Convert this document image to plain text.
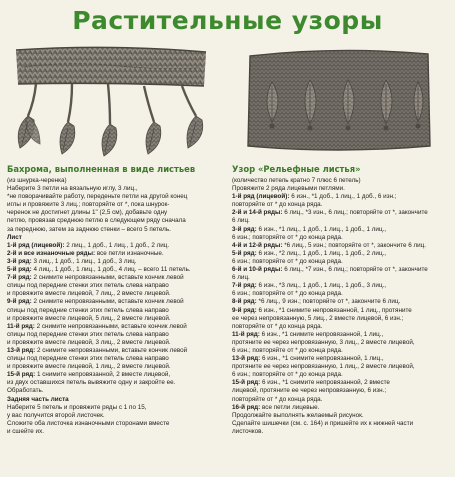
Растительные узоры
Бахрома, выполненная в виде листьев
(из шнурка-черенка)
Наберите 3 петли на вязальную иглу, 3 лиц.,
*не поворачивайте работу, переденьте петли на другой конец
иглы и провяжите 3 лиц.; повторяйте от *, пока шнурок-
черенок не достигнет длины 1" (2,5 см), добавьте одну
петлю, провязав среднюю петлю в следующем ряду сначала
за переднюю, затем за заднюю стенки – всего 5 петель.
Лист
1-й ряд (лицевой): 2 лиц., 1 доб., 1 лиц., 1 доб., 2 лиц.
2-й и все изнаночные ряды: все петли изнаночные.
3-й ряд: 3 лиц., 1 доб., 1 лиц., 1 доб., 3 лиц.
5-й ряд: 4 лиц., 1 доб., 1 лиц., 1 доб., 4 лиц. – всего 11 петель.
7-й ряд: 2 снимите непровязанными, вставьте кончик левой
спицы под передние стенки этих петель слева направо
и провяжите вместе лицевой, 7 лиц., 2 вместе лицевой.
9-й ряд: 2 снимите непровязанными, вставьте кончик левой
спицы под передние стенки этих петель слева направо
и провяжите вместе лицевой, 5 лиц., 2 вместе лицевой.
11-й ряд: 2 снимите непровязанными, вставьте кончик левой
спицы под передние стенки этих петель слева направо
и провяжите вместе лицевой, 3 лиц., 2 вместе лицевой.
13-й ряд: 2 снимите непровязанными, вставьте кончик левой
спицы под передние стенки этих петель слева направо
и провяжите вместе лицевой, 1 лиц., 2 вместе лицевой.
15-й ряд: 1 снимите непровязанной, 2 вместе лицевой,
из двух оставшихся петель вывяжите одну и закройте ее.
Обработать.
Задняя часть листа
Наберите 5 петель и провяжите ряды с 1 по 15,
у вас получится второй листочек.
Сложите оба листочка изнаночными сторонами вместе
и сшейте их.
Узор «Рельефные листья»
(количество петель кратно 7 плюс 6 петель)
Провяжите 2 ряда лицевыми петлями.
1-й ряд (лицевой): 6 изн., *1 доб., 1 лиц., 1 доб., 6 изн.;
повторяйте от * до конца ряда.
2-й и 14-й ряды: 6 лиц., *3 изн., 6 лиц.; повторяйте от *, закончите
6 лиц.
3-й ряд: 6 изн., *1 лиц., 1 доб., 1 лиц., 1 доб., 1 лиц.,
6 изн.; повторяйте от * до конца ряда.
4-й и 12-й ряды: *6 лиц., 5 изн.; повторяйте от *, закончите 6 лиц.
5-й ряд: 6 изн., *2 лиц., 1 доб., 1 лиц., 1 доб., 2 лиц.,
6 изн.; повторяйте от * до конца ряда.
6-й и 10-й ряды: 6 лиц., *7 изн., 6 лиц.; повторяйте от *, закончите
6 лиц.
7-й ряд: 6 изн., *3 лиц., 1 доб., 1 лиц., 1 доб., 3 лиц.,
6 изн.; повторяйте от * до конца ряда.
8-й ряд: *6 лиц., 9 изн.; повторяйте от *, закончите 6 лиц.
9-й ряд: 6 изн., *1 снимите непровязанной, 1 лиц., протяните
ее через непровязанную, 5 лиц., 2 вместе лицевой, 6 изн.;
повторяйте от * до конца ряда.
11-й ряд: 6 изн., *1 снимите непровязанной, 1 лиц.,
протяните ее через непровязанную, 3 лиц., 2 вместе лицевой,
6 изн.; повторяйте от * до конца ряда.
13-й ряд: 6 изн., *1 снимите непровязанной, 1 лиц.,
протяните ее через непровязанную, 1 лиц., 2 вместе лицевой,
6 изн.; повторяйте от * до конца ряда.
15-й ряд: 6 изн., *1 снимите непровязанной, 2 вместе
лицевой, протяните ее через непровязанную, 6 изн.;
повторяйте от * до конца ряда.
16-й ряд: все петли лицевые.
Продолжайте выполнять желаемый рисунок.
Сделайте шишечки (см. с. 164) и пришейте их к нижней части
листочков.
